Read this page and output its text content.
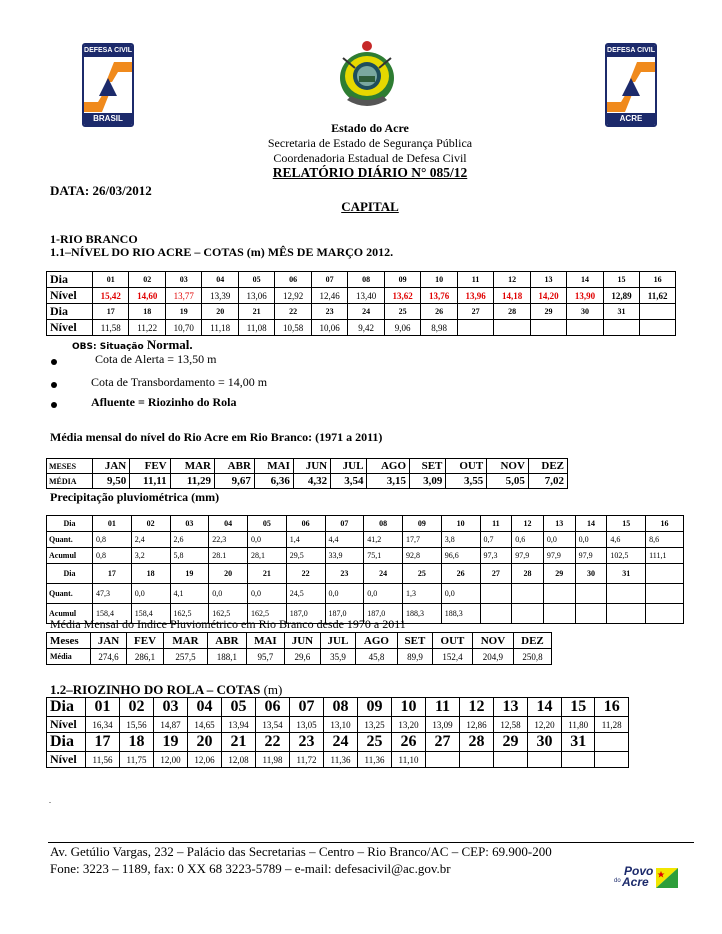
DEFESA CIVIL
BRASIL
DEFESA CIVIL
ACRE
Estado do Acre
Secretaria de Estado de Segurança Pública
Coordenadoria Estadual de Defesa Civil
RELATÓRIO DIÁRIO N° 085/12
DATA: 26/03/2012
CAPITAL
1-RIO BRANCO
1.1–NÍVEL DO RIO ACRE – COTAS (m) MÊS DE MARÇO 2012.
Dia	01	02	03	04	05	06	07	08	09	10	11	12	13	14	15	16
Nível	15,42	14,60	13,77	13,39	13,06	12,92	12,46	13,40	13,62	13,76	13,96	14,18	14,20	13,90	12,89	11,62
Dia	17	18	19	20	21	22	23	24	25	26	27	28	29	30	31	
Nível	11,58	11,22	10,70	11,18	11,08	10,58	10,06	9,42	9,06	8,98						
OBS: Situação Normal.
Cota de Alerta = 13,50 m
Cota de Transbordamento = 14,00 m
Afluente = Riozinho do Rola
Média mensal do nível do Rio Acre em Rio Branco: (1971 a 2011)
MESES	JAN	FEV	MAR	ABR	MAI	JUN	JUL	AGO	SET	OUT	NOV	DEZ
MÉDIA	9,50	11,11	11,29	9,67	6,36	4,32	3,54	3,15	3,09	3,55	5,05	7,02
Precipitação pluviométrica (mm)
Dia	01	02	03	04	05	06	07	08	09	10	11	12	13	14	15	16
Quant.	0,8	2,4	2,6	22,3	0,0	1,4	4,4	41,2	17,7	3,8	0,7	0,6	0,0	0,0	4,6	8,6
Acumul	0,8	3,2	5,8	28.1	28,1	29,5	33,9	75,1	92,8	96,6	97,3	97,9	97,9	97,9	102,5	111,1
Dia	17	18	19	20	21	22	23	24	25	26	27	28	29	30	31	
Quant.	47,3	0,0	4,1	0,0	0,0	24,5	0,0	0,0	1,3	0,0						
Acumul	158,4	158,4	162,5	162,5	162,5	187,0	187,0	187,0	188,3	188,3						
Média Mensal do Indice Pluviométrico em Rio Branco desde 1970 a 2011
Meses	JAN	FEV	MAR	ABR	MAI	JUN	JUL	AGO	SET	OUT	NOV	DEZ
Média	274,6	286,1	257,5	188,1	95,7	29,6	35,9	45,8	89,9	152,4	204,9	250,8
1.2–RIOZINHO DO ROLA – COTAS (m)
Dia	01	02	03	04	05	06	07	08	09	10	11	12	13	14	15	16
Nível	16,34	15,56	14,87	14,65	13,94	13,54	13,05	13,10	13,25	13,20	13,09	12,86	12,58	12,20	11,80	11,28
Dia	17	18	19	20	21	22	23	24	25	26	27	28	29	30	31	
Nível	11,56	11,75	12,00	12,06	12,08	11,98	11,72	11,36	11,36	11,10						
.
Av. Getúlio Vargas, 232 – Palácio das Secretarias – Centro – Rio Branco/AC – CEP: 69.900-200
Fone: 3223 – 1189, fax: 0 XX 68 3223-5789 – e-mail: defesacivil@ac.gov.br	Povo
do Acre
